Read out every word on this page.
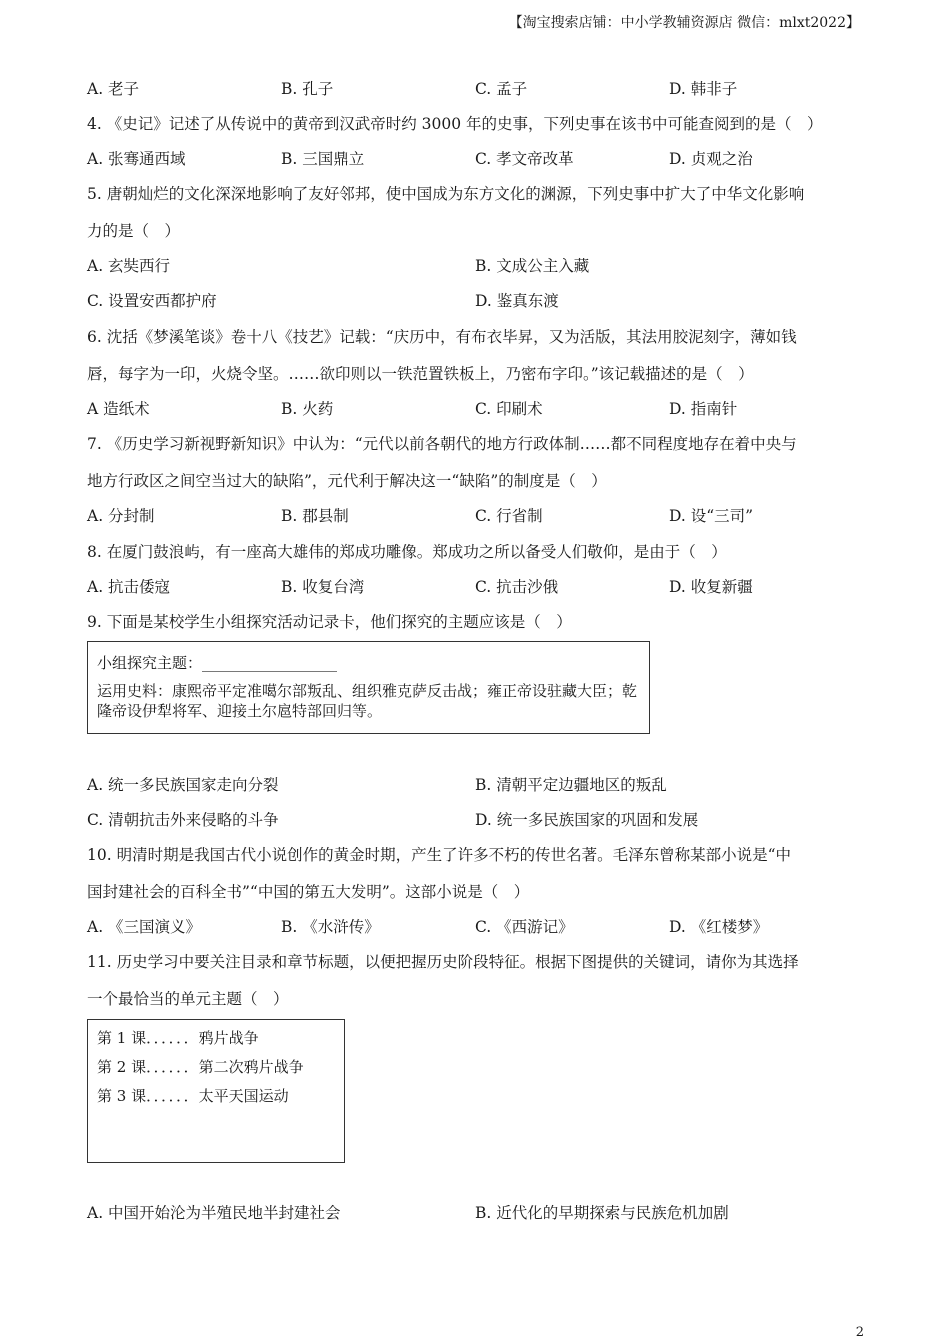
【淘宝搜索店铺：中小学教辅资源店 微信：mlxt2022】
A. 老子	B. 孔子	C. 孟子	D. 韩非子
4. 《史记》记述了从传说中的黄帝到汉武帝时约 3000 年的史事，下列史事在该书中可能查阅到的是（　）
A. 张骞通西域	B. 三国鼎立	C. 孝文帝改革	D. 贞观之治
5. 唐朝灿烂的文化深深地影响了友好邻邦，使中国成为东方文化的渊源，下列史事中扩大了中华文化影响
力的是（　）
A. 玄奘西行	B. 文成公主入藏
C. 设置安西都护府	D. 鉴真东渡
6. 沈括《梦溪笔谈》卷十八《技艺》记载：“庆历中，有布衣毕昇，又为活版，其法用胶泥刻字，薄如钱
唇，每字为一印，火烧令坚。……欲印则以一铁范置铁板上，乃密布字印。”该记载描述的是（　）
A 造纸术	B. 火药	C. 印刷术	D. 指南针
7. 《历史学习新视野新知识》中认为：“元代以前各朝代的地方行政体制……都不同程度地存在着中央与
地方行政区之间空当过大的缺陷”，元代利于解决这一“缺陷”的制度是（　）
A. 分封制	B. 郡县制	C. 行省制	D. 设“三司”
8. 在厦门鼓浪屿，有一座高大雄伟的郑成功雕像。郑成功之所以备受人们敬仰，是由于（　）
A. 抗击倭寇	B. 收复台湾	C. 抗击沙俄	D. 收复新疆
9. 下面是某校学生小组探究活动记录卡，他们探究的主题应该是（　）
小组探究主题：__________________
运用史料：康熙帝平定准噶尔部叛乱、组织雅克萨反击战；雍正帝设驻藏大臣；乾隆帝设伊犁将军、迎接土尔扈特部回归等。
A. 统一多民族国家走向分裂	B. 清朝平定边疆地区的叛乱
C. 清朝抗击外来侵略的斗争	D. 统一多民族国家的巩固和发展
10. 明清时期是我国古代小说创作的黄金时期，产生了许多不朽的传世名著。毛泽东曾称某部小说是“中
国封建社会的百科全书”“中国的第五大发明”。这部小说是（　）
A. 《三国演义》	B. 《水浒传》	C. 《西游记》	D. 《红楼梦》
11. 历史学习中要关注目录和章节标题，以便把握历史阶段特征。根据下图提供的关键词，请你为其选择
一个最恰当的单元主题（　）
第 1 课．．．．．．鸦片战争
第 2 课．．．．．．第二次鸦片战争
第 3 课．．．．．．太平天国运动
A. 中国开始沦为半殖民地半封建社会	B. 近代化的早期探索与民族危机加剧
2
